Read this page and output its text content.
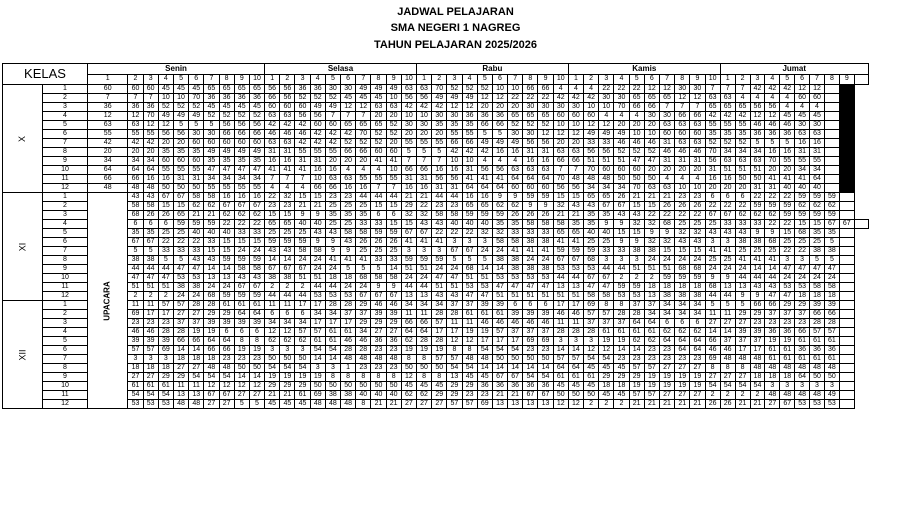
JADWAL PELAJARAN
SMA NEGERI 1 NAGREG
TAHUN PELAJARAN 2025/2026
KELAS		Senin										Selasa										Rabu										Kamis										Jumat									
		1	2	3	4	5	6	7	8	9	10	1	2	3	4	5	6	7	8	9	10	1	2	3	4	5	6	7	8	9	10	1	2	3	4	5	6	7	8	9	10	1	2	3	4	5	6	7	8	9	
X	1	60	60	60	45	45	45	65	65	65	65	56	56	36	36	30	30	49	49	49	63	63	70	52	52	52	10	10	66	66	4	4	4	22	22	22	12	12	30	30	7	7	7	42	42	42	12	12			
	2	7	7	7	10	10	70	36	36	36	36	66	56	52	52	52	45	45	45	10	56	56	49	49	49	12	12	22	22	22	42	42	42	30	30	65	65	65	12	12	63	63	4	4	4	4	60	60			
	3	36	36	36	52	52	52	45	45	45	45	60	60	60	49	49	12	12	63	63	42	42	42	12	12	20	20	20	30	30	30	30	10	10	70	66	66	7	7	7	65	65	65	56	56	4	4	4			
	4	12	12	70	49	49	49	52	52	52	52	63	63	56	56	7	7	7	20	20	10	10	30	30	36	36	36	65	65	65	60	60	60	4	4	4	30	30	66	66	42	42	42	12	12	45	45	45			
	5	63	63	12	12	5	5	5	56	56	56	42	42	42	60	60	65	65	65	52	30	30	35	35	35	66	66	52	52	52	10	10	12	12	20	20	20	63	63	63	55	55	55	46	46	46	30	30			
	6	55	55	55	56	56	30	30	66	66	66	46	46	46	42	42	42	70	52	52	20	20	20	55	55	5	5	30	30	12	12	12	49	49	49	10	10	60	60	60	35	35	35	36	36	36	63	63			
	7	42	42	42	20	20	60	60	60	60	60	63	63	42	42	42	52	52	52	20	55	55	55	66	66	49	49	49	56	56	20	20	33	33	46	46	46	31	63	63	52	52	52	5	5	5	16	16			
	8	20	20	20	35	35	35	49	49	49	49	31	31	55	55	55	66	66	60	60	5	5	5	42	42	42	16	16	31	31	63	63	56	56	52	52	52	46	46	46	70	34	34	34	16	16	31	31			
	9	34	34	34	60	60	60	35	35	35	35	16	16	31	31	20	20	20	41	41	7	7	7	10	10	4	4	4	16	16	66	66	51	51	51	47	47	31	31	31	56	63	63	63	70	55	55	55			
	10	64	64	64	55	55	55	47	47	47	47	41	41	41	16	16	4	4	4	10	66	66	16	16	31	56	56	63	63	63	7	7	70	60	60	60	20	20	20	20	31	51	51	51	20	20	34	34			
	11	66	66	16	16	31	31	34	34	34	34	7	7	7	10	63	63	55	55	55	31	31	56	56	41	41	41	64	64	64	70	48	48	48	50	50	50	4	4	4	16	16	50	50	41	41	41	64			
	12	48	48	48	50	50	50	55	55	55	55	4	4	4	66	66	16	16	7	7	16	16	31	31	64	64	64	60	60	60	56	56	34	34	34	70	63	63	10	10	20	20	20	31	31	40	40	40			
XI	1	UPACARA	43	43	67	67	58	58	16	16	16	22	32	15	15	23	23	44	44	44	21	21	44	44	16	16	9	9	59	59	15	15	65	65	26	21	21	21	23	23	6	6	6	22	22	22	59	59	59		
	2		58	58	15	15	62	62	67	67	67	23	23	21	21	25	25	25	15	15	29	22	23	23	65	65	62	62	9	9	32	43	43	67	67	15	15	26	26	26	22	22	22	59	59	59	62	62	62		
	3		68	26	26	65	21	21	62	62	62	15	15	9	9	35	35	35	6	6	32	32	58	58	59	59	59	26	26	26	21	21	35	35	43	43	22	22	22	22	67	67	62	62	62	59	59	59	59		
	4		6	6	6	59	59	59	22	22	22	65	65	40	40	25	25	33	33	15	15	43	43	40	40	40	35	35	58	58	58	35	35	9	9	32	32	68	25	25	25	33	33	33	22	22	15	15	67	67	
	5		35	35	25	25	40	40	40	33	33	25	25	25	43	43	58	58	59	59	67	67	22	22	22	32	32	33	33	33	65	65	40	40	15	15	9	9	32	32	43	43	43	9	9	15	68	35	35		
	6		67	67	22	22	22	33	15	15	15	59	59	59	9	9	43	26	26	26	41	41	41	3	3	3	58	58	38	38	41	41	25	25	9	9	32	32	43	43	3	3	38	38	68	25	25	25	5		
	7		5	5	33	33	33	15	15	24	24	43	43	58	58	9	9	25	25	25	3	3	3	67	67	24	24	41	41	41	59	59	59	33	33	38	38	15	15	15	41	41	25	25	25	22	22	38	38		
	8		38	38	5	5	43	43	59	59	59	14	14	24	24	41	41	41	33	33	59	59	59	5	5	5	38	38	24	24	67	67	68	3	3	3	24	24	24	24	25	25	41	41	41	3	3	5	5		
	9		44	44	44	47	47	14	14	58	58	67	67	67	24	24	5	5	5	14	51	51	24	24	68	14	14	38	38	38	53	53	53	44	44	51	51	51	68	68	24	24	24	14	14	47	47	47	47		
	10		47	47	47	53	53	13	13	43	43	38	38	51	51	18	18	68	58	58	24	24	47	47	51	51	53	53	53	53	44	44	67	67	2	2	2	59	59	59	9	9	44	44	44	24	24	24	24		
	11		51	51	51	38	38	24	24	67	67	2	2	2	44	44	24	24	9	9	44	44	51	51	53	53	47	47	47	47	13	13	47	47	59	59	18	18	18	18	68	13	13	43	43	53	53	58	58		
	12		2	2	2	24	24	68	59	59	59	44	44	44	53	53	53	67	67	67	13	13	43	43	47	47	51	51	51	51	51	51	58	58	53	53	13	38	38	38	44	44	9	9	47	47	18	18	18		
XII	1		11	11	57	57	28	28	61	61	61	11	11	17	17	28	28	29	46	46	34	34	34	37	37	39	39	6	6	6	17	17	69	8	8	37	37	34	34	34	5	5	5	66	66	29	29	39	39		
	2		69	17	17	27	27	29	29	64	64	6	6	6	34	34	37	37	39	39	11	11	28	28	61	61	61	39	39	39	46	46	57	57	28	28	34	34	34	34	11	11	29	29	37	37	37	66	66		
	3		23	23	23	37	37	39	39	39	39	34	34	34	17	17	17	29	29	29	66	66	57	11	11	46	46	46	46	46	11	11	37	37	37	64	64	6	6	6	27	27	27	23	23	23	23	28	28		
	4		46	46	28	28	19	19	6	6	6	12	12	57	57	61	61	34	27	27	64	64	17	17	19	19	57	37	37	37	28	28	28	61	61	61	61	62	62	62	14	14	39	39	36	36	66	57	57		
	5		39	39	39	66	66	64	64	8	8	62	62	62	61	61	46	46	36	36	62	28	28	12	12	17	17	17	69	69	3	3	3	19	19	62	62	64	64	64	66	37	37	37	19	19	61	61	61		
	6		57	57	69	14	14	66	66	19	19	3	3	3	54	54	28	28	23	23	19	19	19	8	8	54	54	54	23	23	14	14	12	12	14	14	23	23	64	64	46	46	17	17	61	61	36	36	36		
	7		3	3	3	18	18	18	23	23	23	50	50	50	14	14	48	48	48	48	8	8	57	57	48	48	50	50	50	50	57	57	54	54	23	23	23	23	23	23	69	48	48	48	61	61	61	61	61		
	8		18	18	18	27	27	48	48	50	50	54	54	54	3	3	1	23	23	23	50	50	50	54	54	14	14	14	14	14	64	64	45	45	45	57	57	27	27	27	8	8	8	48	48	48	48	48	48		
	9		27	27	29	29	54	54	54	14	14	19	19	19	19	8	8	8	8	8	12	8	8	13	45	45	67	67	54	54	61	61	61	29	29	29	19	19	19	19	27	27	27	18	18	18	64	50	50		
	10		61	61	61	11	11	12	12	12	12	29	29	29	50	50	50	50	50	50	45	45	45	29	29	36	36	36	36	36	45	45	45	18	18	19	19	19	19	19	54	54	54	54	3	3	3	3	3		
	11		54	54	54	13	13	67	67	27	27	21	21	61	69	38	38	40	40	40	62	62	29	29	23	23	21	21	67	67	50	50	50	45	45	57	57	27	27	27	2	2	2	2	48	48	48	48	49		
	12		53	53	53	48	48	27	27	5	5	45	45	45	48	48	48	8	21	21	27	27	27	57	57	69	13	13	13	13	12	12	2	2	2	21	21	21	21	21	26	26	21	21	27	67	53	53	53		
